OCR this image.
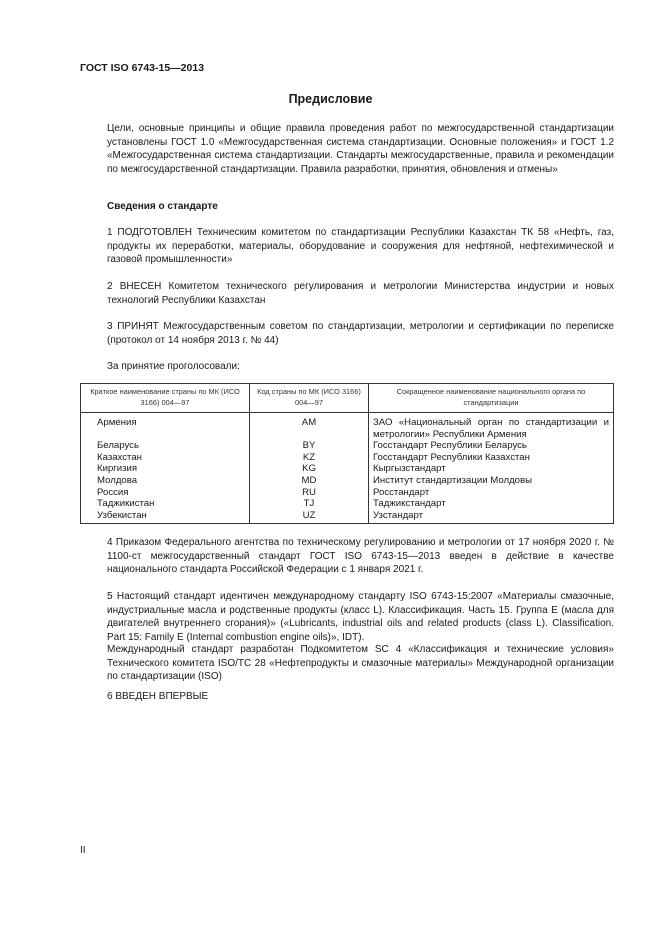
ГОСТ ISO 6743-15—2013
Предисловие
Цели, основные принципы и общие правила проведения работ по межгосударственной стандартизации установлены ГОСТ 1.0 «Межгосударственная система стандартизации. Основные положения» и ГОСТ 1.2 «Межгосударственная система стандартизации. Стандарты межгосударственные, правила и рекомендации по межгосударственной стандартизации. Правила разработки, принятия, обновления и отмены»
Сведения о стандарте
1 ПОДГОТОВЛЕН Техническим комитетом по стандартизации Республики Казахстан ТК 58 «Нефть, газ, продукты их переработки, материалы, оборудование и сооружения для нефтяной, нефтехимической и газовой промышленности»
2 ВНЕСЕН Комитетом технического регулирования и метрологии Министерства индустрии и новых технологий Республики Казахстан
3 ПРИНЯТ Межгосударственным советом по стандартизации, метрологии и сертификации по переписке (протокол от 14 ноября 2013 г. № 44)
За принятие проголосовали:
Краткое наименование страны по МК (ИСО 3166) 004—97	Код страны по МК (ИСО 3166) 004—97	Сокращенное наименование национального органа по стандартизации
Армения	AM	ЗАО «Национальный орган по стандартизации и метрологии» Республики Армения
Беларусь	BY	Госстандарт Республики Беларусь
Казахстан	KZ	Госстандарт Республики Казахстан
Киргизия	KG	Кыргызстандарт
Молдова	MD	Институт стандартизации Молдовы
Россия	RU	Росстандарт
Таджикистан	TJ	Таджикстандарт
Узбекистан	UZ	Узстандарт
4 Приказом Федерального агентства по техническому регулированию и метрологии от 17 ноября 2020 г. № 1100-ст межгосударственный стандарт ГОСТ ISO 6743-15—2013 введен в действие в качестве национального стандарта Российской Федерации с 1 января 2021 г.
5 Настоящий стандарт идентичен международному стандарту ISO 6743-15:2007 «Материалы смазочные, индустриальные масла и родственные продукты (класс L). Классификация. Часть 15. Группа E (масла для двигателей внутреннего сгорания)» («Lubricants, industrial oils and related products (class L). Classification. Part 15: Family E (Internal combustion engine oils)», IDT).
Международный стандарт разработан Подкомитетом SC 4 «Классификация и технические условия» Технического комитета ISO/TC 28 «Нефтепродукты и смазочные материалы» Международной организации по стандартизации (ISO)
6 ВВЕДЕН ВПЕРВЫЕ
II
